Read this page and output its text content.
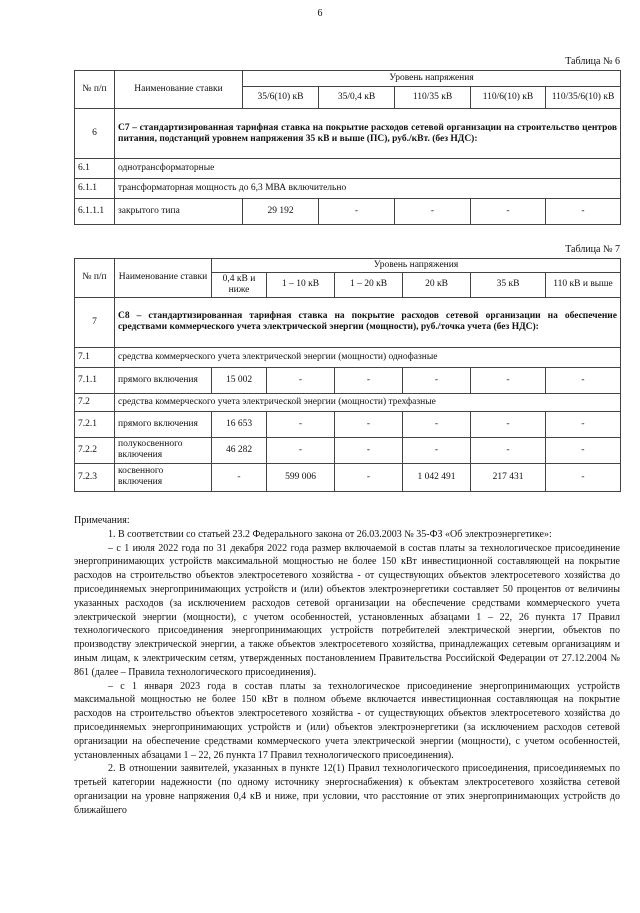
6
Таблица № 6
№ п/п	Наименование ставки	Уровень напряжения				
		35/6(10) кВ	35/0,4 кВ	110/35 кВ	110/6(10) кВ	110/35/6(10) кВ
6	С7 – стандартизированная тарифная ставка на покрытие расходов сетевой организации на строительство центров питания, подстанций уровнем напряжения 35 кВ и выше (ПС), руб./кВт. (без НДС):					
6.1	однотрансформаторные					
6.1.1	трансформаторная мощность до 6,3 МВА включительно					
6.1.1.1	закрытого типа	29 192	-	-	-	-
Таблица № 7
№ п/п	Наименование ставки	Уровень напряжения					
		0,4 кВ и ниже	1 – 10 кВ	1 – 20 кВ	20 кВ	35 кВ	110 кВ и выше
7	С8 – стандартизированная тарифная ставка на покрытие расходов сетевой организации на обеспечение средствами коммерческого учета электрической энергии (мощности), руб./точка учета (без НДС):						
7.1	средства коммерческого учета электрической энергии (мощности) однофазные						
7.1.1	прямого включения	15 002	-	-	-	-	-
7.2	средства коммерческого учета электрической энергии (мощности) трехфазные						
7.2.1	прямого включения	16 653	-	-	-	-	-
7.2.2	полукосвенного включения	46 282	-	-	-	-	-
7.2.3	косвенного включения	-	599 006	-	1 042 491	217 431	-

Примечания:

1. В соответствии со статьей 23.2 Федерального закона от 26.03.2003 № 35-ФЗ «Об электроэнергетике»:

– с 1 июля 2022 года по 31 декабря 2022 года размер включаемой в состав платы за технологическое присоединение энергопринимающих устройств максимальной мощностью не более 150 кВт инвестиционной составляющей на покрытие расходов на строительство объектов электросетевого хозяйства - от существующих объектов электросетевого хозяйства до присоединяемых энергопринимающих устройств и (или) объектов электроэнергетики составляет 50 процентов от величины указанных расходов (за исключением расходов сетевой организации на обеспечение средствами коммерческого учета электрической энергии (мощности), с учетом особенностей, установленных абзацами 1 – 22, 26 пункта 17 Правил технологического присоединения энергопринимающих устройств потребителей электрической энергии, объектов по производству электрической энергии, а также объектов электросетевого хозяйства, принадлежащих сетевым организациям и иным лицам, к электрическим сетям, утвержденных постановлением Правительства Российской Федерации от 27.12.2004 № 861 (далее – Правила технологического присоединения).

– с 1 января 2023 года в состав платы за технологическое присоединение энергопринимающих устройств максимальной мощностью не более 150 кВт в полном объеме включается инвестиционная составляющая на покрытие расходов на строительство объектов электросетевого хозяйства - от существующих объектов электросетевого хозяйства до присоединяемых энергопринимающих устройств и (или) объектов электроэнергетики (за исключением расходов сетевой организации на обеспечение средствами коммерческого учета электрической энергии (мощности), с учетом особенностей, установленных абзацами 1 – 22, 26 пункта 17 Правил технологического присоединения).

2. В отношении заявителей, указанных в пункте 12(1) Правил технологического присоединения, присоединяемых по третьей категории надежности (по одному источнику энергоснабжения) к объектам электросетевого хозяйства сетевой организации на уровне напряжения 0,4 кВ и ниже, при условии, что расстояние от этих энергопринимающих устройств до ближайшего
